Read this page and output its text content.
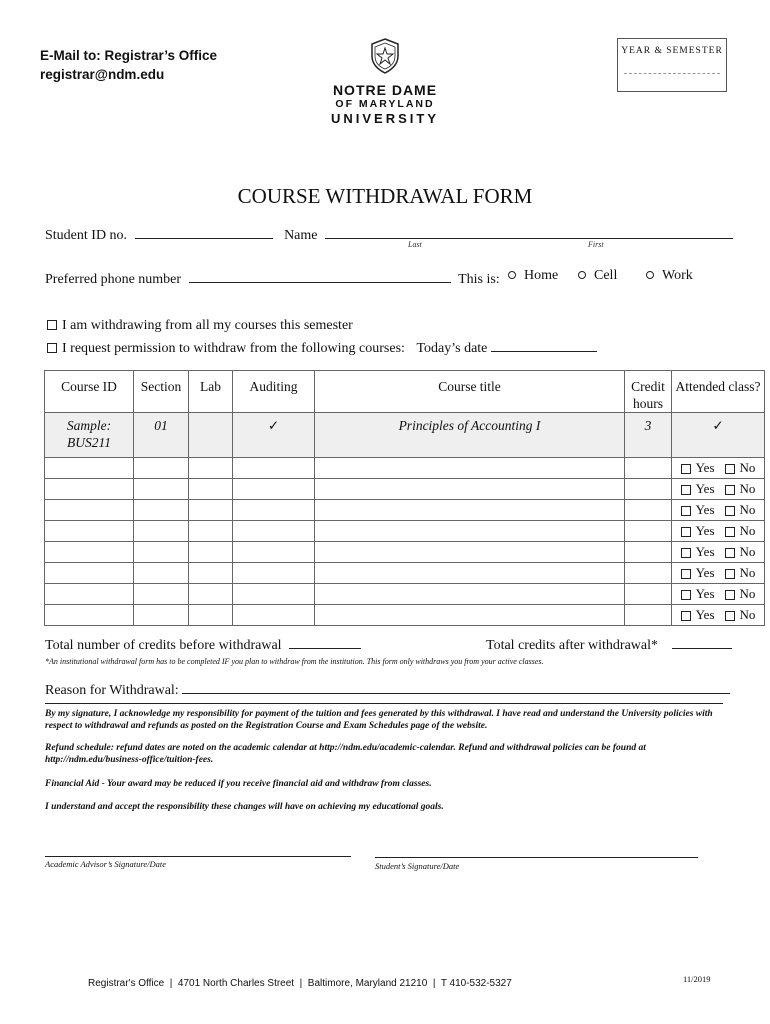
E-Mail to: Registrar’s Office
registrar@ndm.edu
NOTRE DAME
OF MARYLAND
UNIVERSITY
YEAR & SEMESTER
COURSE WITHDRAWAL FORM
Student ID no.	Name
Last	First
Preferred phone number	This is:	Home	Cell	Work
I am withdrawing from all my courses this semester
I request permission to withdraw from the following courses: Today’s date
Course ID	Section	Lab	Auditing	Course title	Credit hours	Attended class?
Sample: BUS211	01		✓	Principles of Accounting I	3	✓
						Yes No
						Yes No
						Yes No
						Yes No
						Yes No
						Yes No
						Yes No
						Yes No
Total number of credits before withdrawal	Total credits after withdrawal*
*An institutional withdrawal form has to be completed IF you plan to withdraw from the institution. This form only withdraws you from your active classes.
Reason for Withdrawal:
By my signature, I acknowledge my responsibility for payment of the tuition and fees generated by this withdrawal. I have read and understand the University policies with respect to withdrawal and refunds as posted on the Registration Course and Exam Schedules page of the website.
Refund schedule: refund dates are noted on the academic calendar at http://ndm.edu/academic-calendar. Refund and withdrawal policies can be found at http://ndm.edu/business-office/tuition-fees.
Financial Aid - Your award may be reduced if you receive financial aid and withdraw from classes.
I understand and accept the responsibility these changes will have on achieving my educational goals.
Academic Advisor’s Signature/Date	Student’s Signature/Date
Registrar's Office  |  4701 North Charles Street  |  Baltimore, Maryland 21210  |  T 410-532-5327	11/2019
